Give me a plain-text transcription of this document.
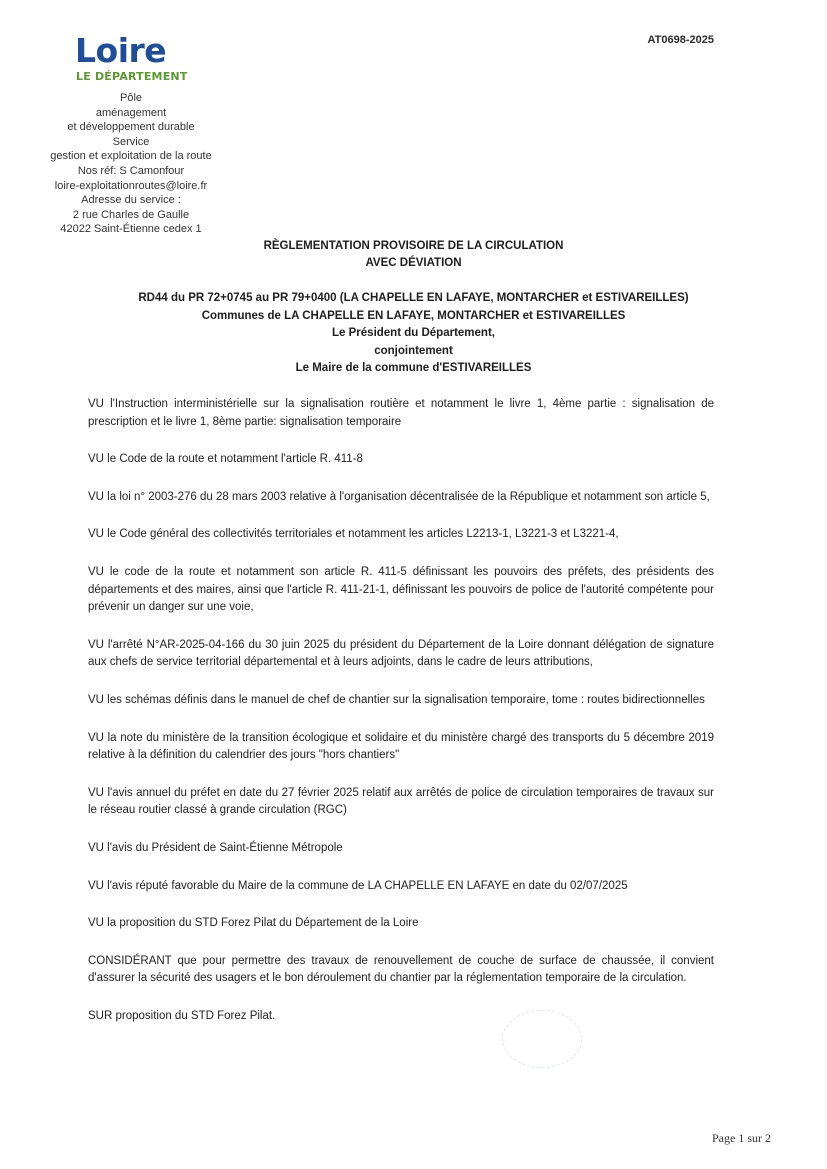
Loire
LE DÉPARTEMENT
AT0698-2025
Pôle
aménagement
et développement durable
Service
gestion et exploitation de la route
Nos réf: S Camonfour
loire-exploitationroutes@loire.fr
Adresse du service :
2 rue Charles de Gaulle
42022 Saint-Étienne cedex 1
RÈGLEMENTATION PROVISOIRE DE LA CIRCULATION
AVEC DÉVIATION
RD44 du PR 72+0745 au PR 79+0400 (LA CHAPELLE EN LAFAYE, MONTARCHER et ESTIVAREILLES)
Communes de LA CHAPELLE EN LAFAYE, MONTARCHER et ESTIVAREILLES
Le Président du Département,
conjointement
Le Maire de la commune d'ESTIVAREILLES

VU l'Instruction interministérielle sur la signalisation routière et notamment le livre 1, 4ème partie : signalisation de prescription et le livre 1, 8ème partie: signalisation temporaire

VU le Code de la route et notamment l'article R. 411-8

VU la loi n° 2003-276 du 28 mars 2003 relative à l'organisation décentralisée de la République et notamment son article 5,

VU le Code général des collectivités territoriales et notamment les articles L2213-1, L3221-3 et L3221-4,

VU le code de la route et notamment son article R. 411-5 définissant les pouvoirs des préfets, des présidents des départements et des maires, ainsi que l'article R. 411-21-1, définissant les pouvoirs de police de l'autorité compétente pour prévenir un danger sur une voie,

VU l'arrêté N°AR-2025-04-166 du 30 juin 2025 du président du Département de la Loire donnant délégation de signature aux chefs de service territorial départemental et à leurs adjoints, dans le cadre de leurs attributions,

VU les schémas définis dans le manuel de chef de chantier sur la signalisation temporaire, tome : routes bidirectionnelles

VU la note du ministère de la transition écologique et solidaire et du ministère chargé des transports du 5 décembre 2019 relative à la définition du calendrier des jours "hors chantiers"

VU l'avis annuel du préfet en date du 27 février 2025 relatif aux arrêtés de police de circulation temporaires de travaux sur le réseau routier classé à grande circulation (RGC)

VU l'avis du Président de Saint-Étienne Métropole

VU l'avis réputé favorable du Maire de la commune de LA CHAPELLE EN LAFAYE en date du 02/07/2025

VU la proposition du STD Forez Pilat du Département de la Loire

CONSIDÉRANT que pour permettre des travaux de renouvellement de couche de surface de chaussée, il convient d'assurer la sécurité des usagers et le bon déroulement du chantier par la réglementation temporaire de la circulation.

SUR proposition du STD Forez Pilat.

Page 1 sur 2
